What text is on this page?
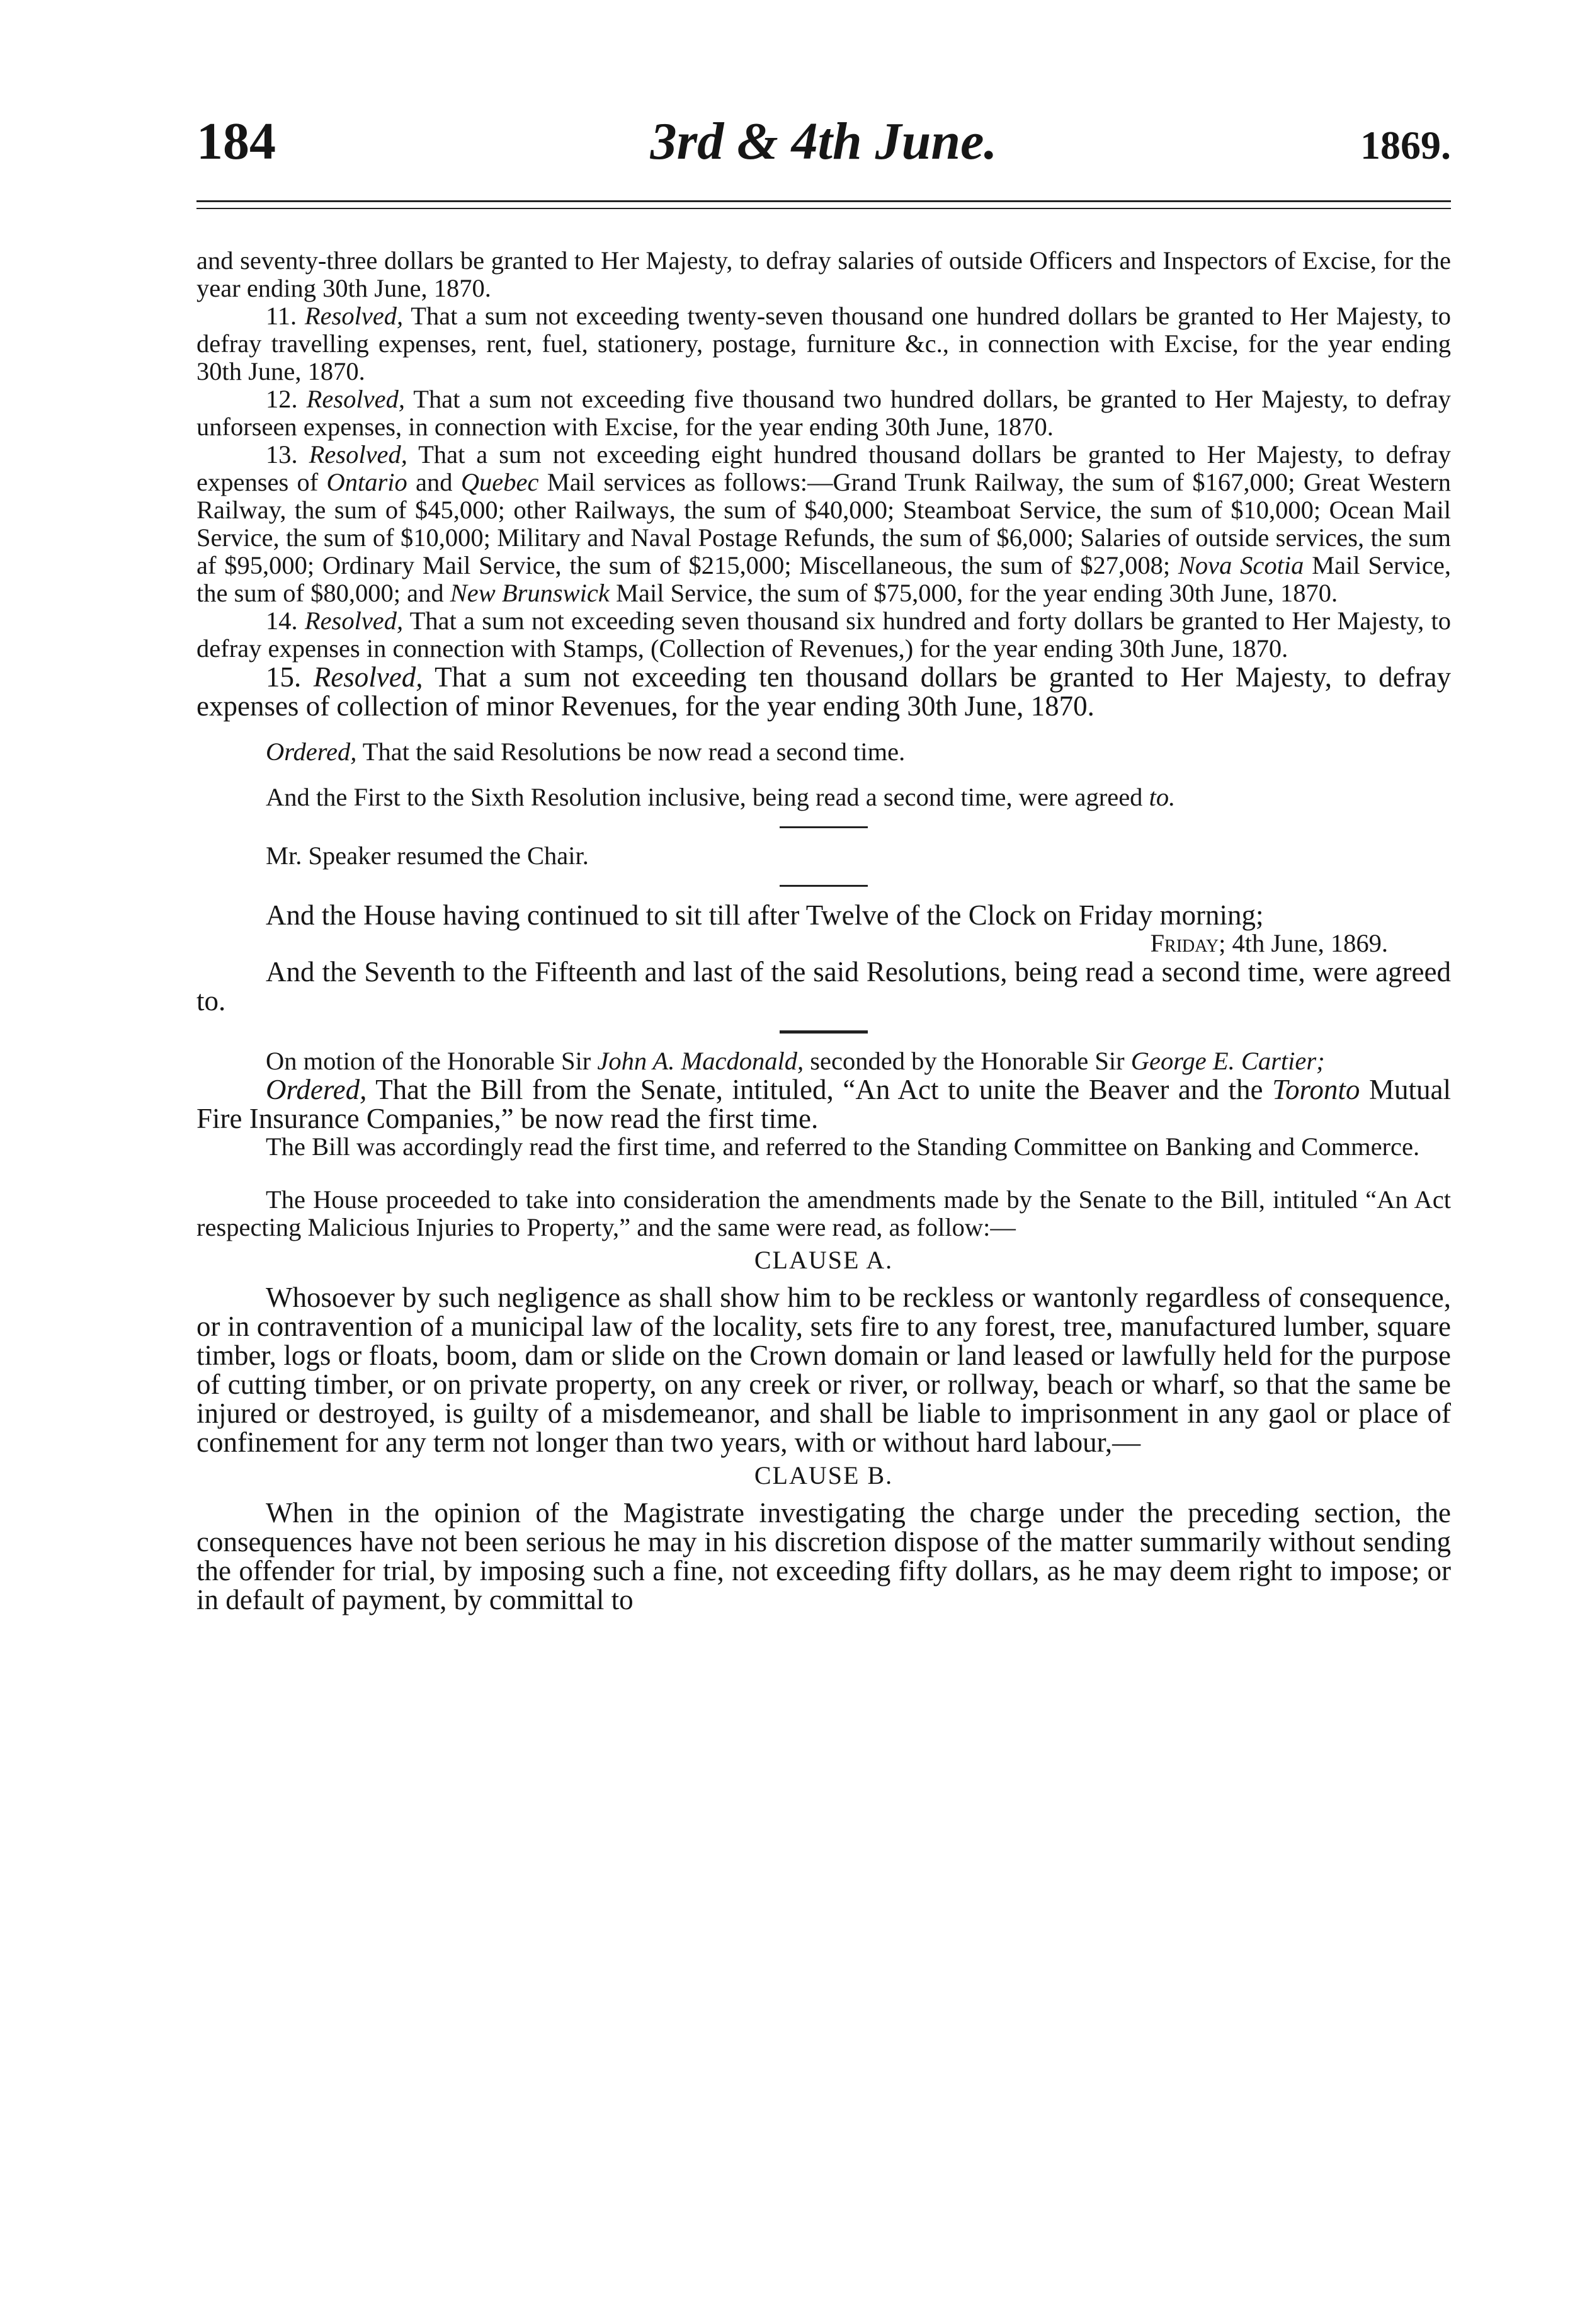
184	3rd & 4th June.	1869.

and seventy-three dollars be granted to Her Majesty, to defray salaries of outside Officers and Inspectors of Excise, for the year ending 30th June, 1870.

11. Resolved, That a sum not exceeding twenty-seven thousand one hundred dollars be granted to Her Majesty, to defray travelling expenses, rent, fuel, stationery, postage, furniture &c., in connection with Excise, for the year ending 30th June, 1870.

12. Resolved, That a sum not exceeding five thousand two hundred dollars, be granted to Her Majesty, to defray unforseen expenses, in connection with Excise, for the year ending 30th June, 1870.

13. Resolved, That a sum not exceeding eight hundred thousand dollars be granted to Her Majesty, to defray expenses of Ontario and Quebec Mail services as follows:—Grand Trunk Railway, the sum of $167,000; Great Western Railway, the sum of $45,000; other Railways, the sum of $40,000; Steamboat Service, the sum of $10,000; Ocean Mail Service, the sum of $10,000; Military and Naval Postage Refunds, the sum of $6,000; Salaries of outside services, the sum af $95,000; Ordinary Mail Service, the sum of $215,000; Miscellaneous, the sum of $27,008; Nova Scotia Mail Service, the sum of $80,000; and New Brunswick Mail Service, the sum of $75,000, for the year ending 30th June, 1870.

14. Resolved, That a sum not exceeding seven thousand six hundred and forty dollars be granted to Her Majesty, to defray expenses in connection with Stamps, (Collection of Revenues,) for the year ending 30th June, 1870.

15. Resolved, That a sum not exceeding ten thousand dollars be granted to Her Majesty, to defray expenses of collection of minor Revenues, for the year ending 30th June, 1870.

Ordered, That the said Resolutions be now read a second time.

And the First to the Sixth Resolution inclusive, being read a second time, were agreed to.

Mr. Speaker resumed the Chair.

And the House having continued to sit till after Twelve of the Clock on Friday morning;

Friday; 4th June, 1869.

And the Seventh to the Fifteenth and last of the said Resolutions, being read a second time, were agreed to.

On motion of the Honorable Sir John A. Macdonald, seconded by the Honorable Sir George E. Cartier;

Ordered, That the Bill from the Senate, intituled, “An Act to unite the Beaver and the Toronto Mutual Fire Insurance Companies,” be now read the first time.

The Bill was accordingly read the first time, and referred to the Standing Committee on Banking and Commerce.

The House proceeded to take into consideration the amendments made by the Senate to the Bill, intituled “An Act respecting Malicious Injuries to Property,” and the same were read, as follow:—

CLAUSE A.

Whosoever by such negligence as shall show him to be reckless or wantonly regardless of consequence, or in contravention of a municipal law of the locality, sets fire to any forest, tree, manufactured lumber, square timber, logs or floats, boom, dam or slide on the Crown domain or land leased or lawfully held for the purpose of cutting timber, or on private property, on any creek or river, or rollway, beach or wharf, so that the same be injured or destroyed, is guilty of a misdemeanor, and shall be liable to imprisonment in any gaol or place of confinement for any term not longer than two years, with or without hard labour,—

CLAUSE B.

When in the opinion of the Magistrate investigating the charge under the preceding section, the consequences have not been serious he may in his discretion dispose of the matter summarily without sending the offender for trial, by imposing such a fine, not exceeding fifty dollars, as he may deem right to impose; or in default of payment, by committal to
